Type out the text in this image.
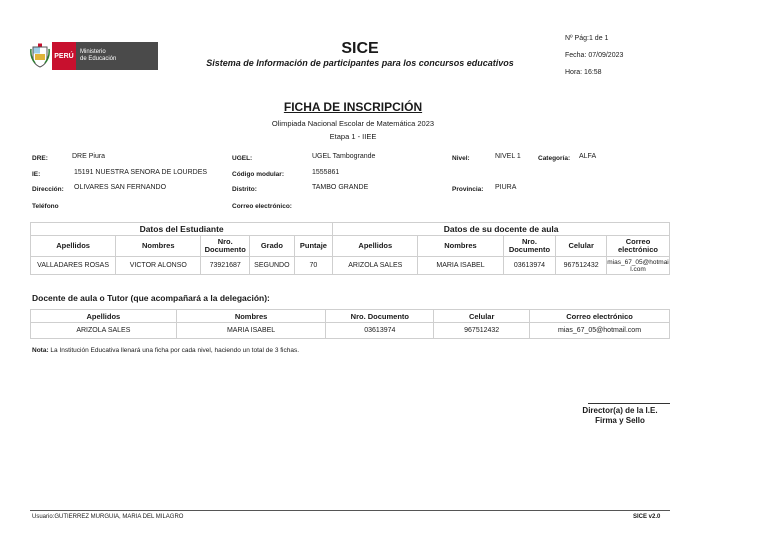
PERÚ
Ministerio
de Educación
SICE
Sistema de Información de participantes para los concursos educativos
Nº Pág:1 de 1
Fecha: 07/09/2023
Hora: 16:58
FICHA DE INSCRIPCIÓN
Olimpiada Nacional Escolar de Matemática 2023
Etapa 1 - IIEE
DRE:	DRE Piura	UGEL:	UGEL Tambogrande	Nivel:	NIVEL 1	Categoría: ALFA
IE:	15191 NUESTRA SENORA DE LOURDES	Código modular:	1555861
Dirección: OLIVARES SAN FERNANDO	Distrito:	TAMBO GRANDE	Provincia: PIURA
Teléfono	Correo electrónico:
Datos del Estudiante					Datos de su docente de aula				
Apellidos	Nombres	Nro. Documento	Grado	Puntaje	Apellidos	Nombres	Nro. Documento	Celular	Correo electrónico
VALLADARES ROSAS	VICTOR ALONSO	73921687	SEGUNDO	70	ARIZOLA SALES	MARIA ISABEL	03613974	967512432	mias_67_05@hotmail.com
Docente de aula o Tutor (que acompañará a la delegación):
Apellidos	Nombres	Nro. Documento	Celular	Correo electrónico
ARIZOLA SALES	MARIA ISABEL	03613974	967512432	mias_67_05@hotmail.com
Nota: La Institución Educativa llenará una ficha por cada nivel, haciendo un total de 3 fichas.
Director(a) de la I.E.
Firma y Sello
Usuario:GUTIERREZ MURGUIA, MARIA DEL MILAGRO	SICE v2.0
